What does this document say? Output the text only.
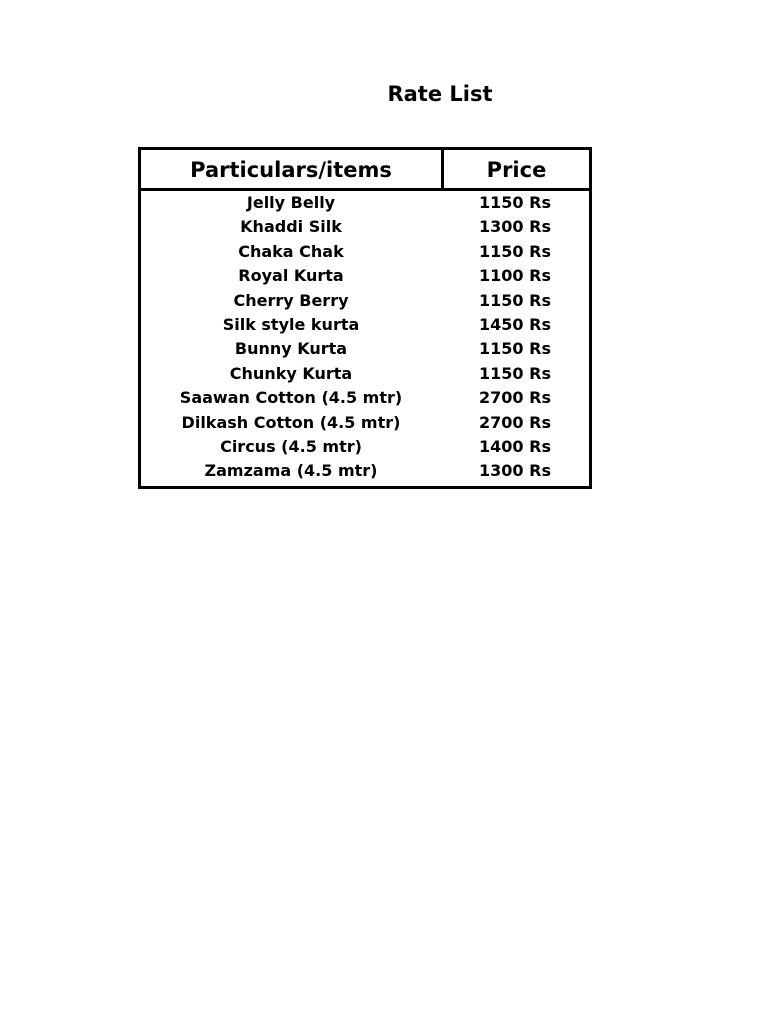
Rate List
Particulars/items	Price
Jelly Belly	1150 Rs
Khaddi Silk	1300 Rs
Chaka Chak	1150 Rs
Royal Kurta	1100 Rs
Cherry Berry	1150 Rs
Silk style kurta	1450 Rs
Bunny Kurta	1150 Rs
Chunky Kurta	1150 Rs
Saawan Cotton (4.5 mtr)	2700 Rs
Dilkash Cotton (4.5 mtr)	2700 Rs
Circus (4.5 mtr)	1400 Rs
Zamzama (4.5 mtr)	1300 Rs
